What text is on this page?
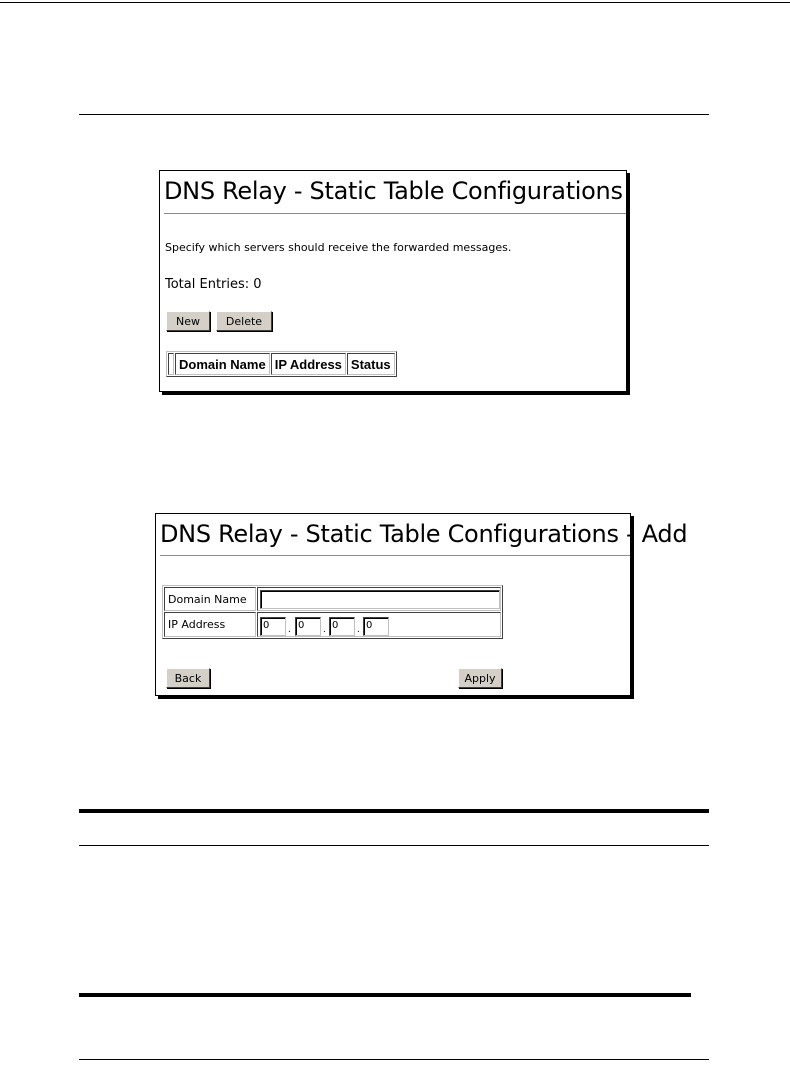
DNS Relay - Static Table Configurations
Specify which servers should receive the forwarded messages.
Total Entries: 0
New	Delete
	Domain Name	IP Address	Status
DNS Relay - Static Table Configurations - Add
Domain Name	
IP Address		0	. 0	. 0	. 0
Back	Apply
